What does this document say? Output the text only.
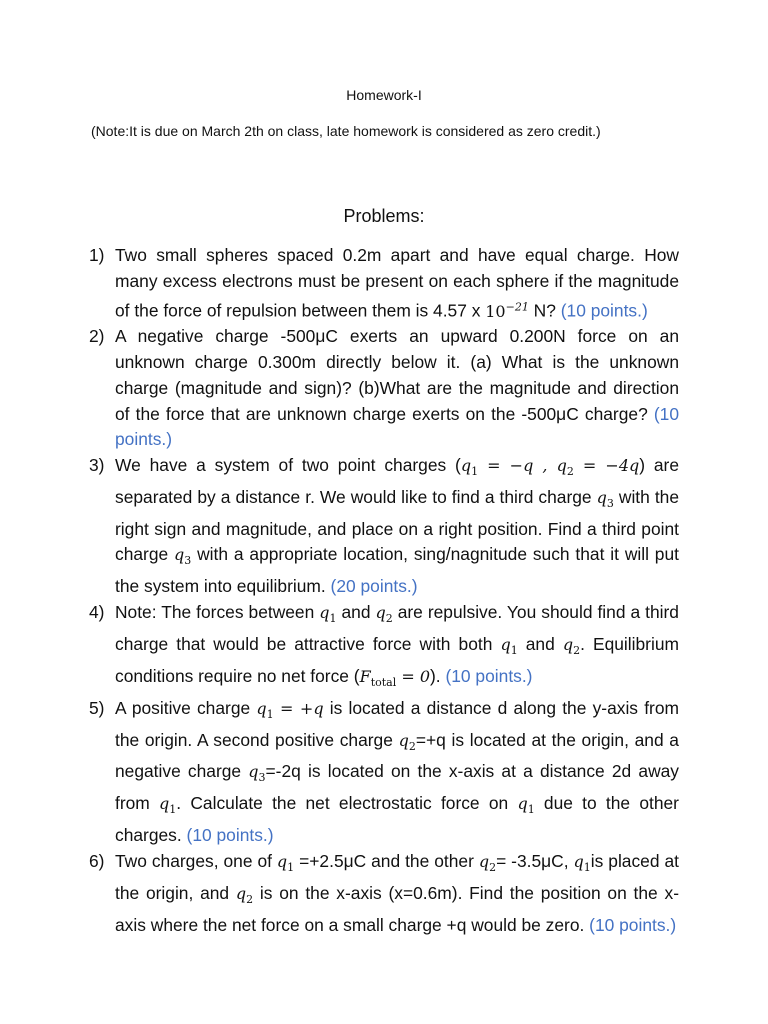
Homework-I
(Note:It is due on March 2th on class, late homework is considered as zero credit.)
Problems:
1) Two small spheres spaced 0.2m apart and have equal charge. How many excess electrons must be present on each sphere if the magnitude of the force of repulsion between them is 4.57 x $10^{-21}$ N? (10 points.)
2) A negative charge -500μC exerts an upward 0.200N force on an unknown charge 0.300m directly below it. (a) What is the unknown charge (magnitude and sign)? (b)What are the magnitude and direction of the force that are unknown charge exerts on the -500μC charge? (10 points.)
3) We have a system of two point charges ($q_1 = -q$ , $q_2 = -4q$) are separated by a distance r. We would like to find a third charge $q_3$ with the right sign and magnitude, and place on a right position. Find a third point charge $q_3$ with a appropriate location, sing/nagnitude such that it will put the system into equilibrium. (20 points.)
4) Note: The forces between $q_1$ and $q_2$ are repulsive. You should find a third charge that would be attractive force with both $q_1$ and $q_2$. Equilibrium conditions require no net force $(F_{total} = 0)$. (10 points.)
5) A positive charge $q_1 = +q$ is located a distance d along the y-axis from the origin. A second positive charge $q_2=+q$ is located at the origin, and a negative charge $q_3=-2q$ is located on the x-axis at a distance 2d away from $q_1$. Calculate the net electrostatic force on $q_1$ due to the other charges. (10 points.)
6) Two charges, one of $q_1 =+2.5\mu C$ and the other $q_2= -3.5\mu C$, $q_1is$ placed at the origin, and $q_2$ is on the x-axis (x=0.6m). Find the position on the x-axis where the net force on a small charge +q would be zero. (10 points.)
